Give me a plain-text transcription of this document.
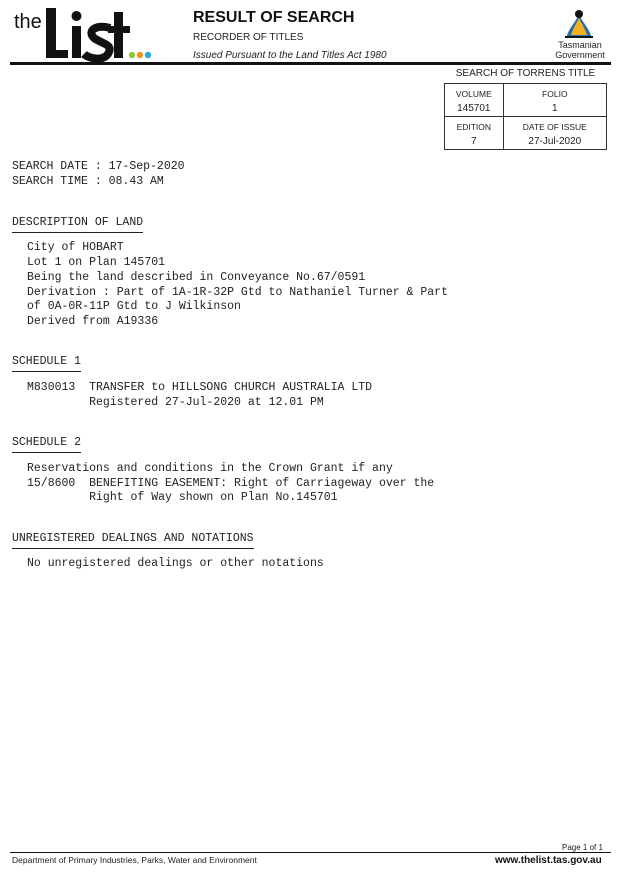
the	RESULT OF SEARCH
RECORDER OF TITLES
Issued Pursuant to the Land Titles Act 1980
Tasmanian
Government
SEARCH OF TORRENS TITLE
VOLUME	FOLIO
145701	1
EDITION	DATE OF ISSUE
7	27-Jul-2020
SEARCH DATE : 17-Sep-2020
SEARCH TIME : 08.43 AM
DESCRIPTION OF LAND
City of HOBART
Lot 1 on Plan 145701
Being the land described in Conveyance No.67/0591
Derivation : Part of 1A-1R-32P Gtd to Nathaniel Turner & Part
of 0A-0R-11P Gtd to J Wilkinson
Derived from A19336
SCHEDULE 1
M830013  TRANSFER to HILLSONG CHURCH AUSTRALIA LTD
Registered 27-Jul-2020 at 12.01 PM
SCHEDULE 2
Reservations and conditions in the Crown Grant if any
15/8600  BENEFITING EASEMENT: Right of Carriageway over the
Right of Way shown on Plan No.145701
UNREGISTERED DEALINGS AND NOTATIONS
No unregistered dealings or other notations
Page 1 of 1
Department of Primary Industries, Parks, Water and Environment	www.thelist.tas.gov.au
